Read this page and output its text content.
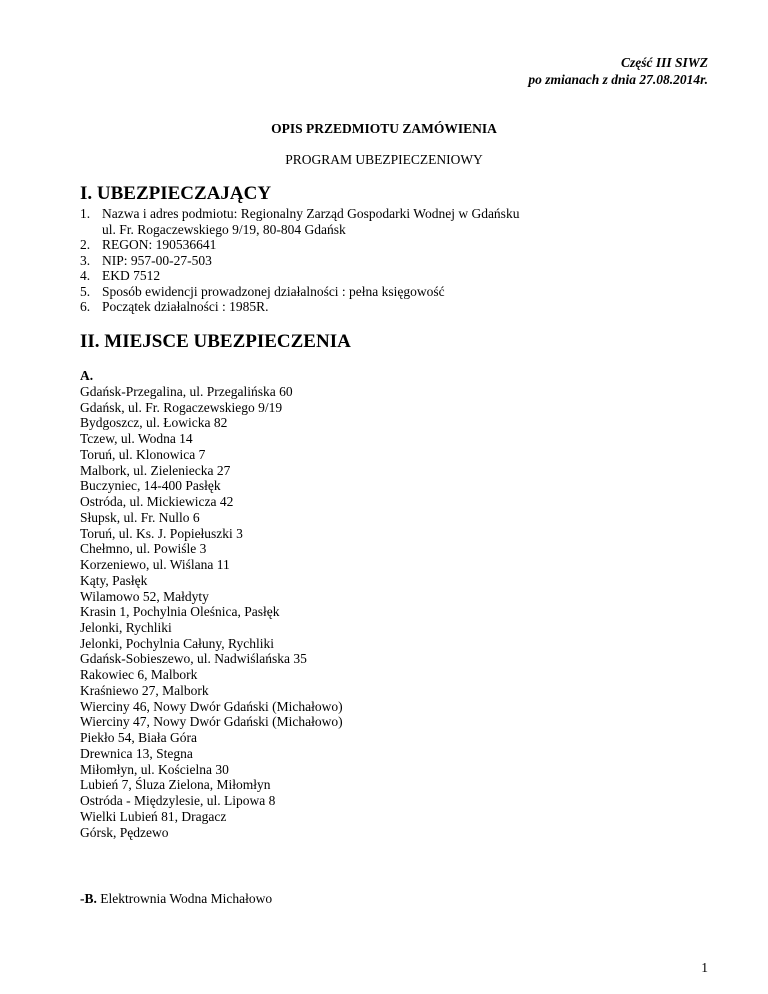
Część III SIWZ
po zmianach z dnia 27.08.2014r.
OPIS PRZEDMIOTU ZAMÓWIENIA
PROGRAM UBEZPIECZENIOWY
I. UBEZPIECZAJĄCY
1. Nazwa i adres podmiotu: Regionalny Zarząd Gospodarki Wodnej w Gdańsku
ul. Fr. Rogaczewskiego 9/19, 80-804 Gdańsk
2. REGON: 190536641
3. NIP: 957-00-27-503
4. EKD 7512
5. Sposób ewidencji prowadzonej działalności : pełna księgowość
6. Początek działalności : 1985R.
II. MIEJSCE UBEZPIECZENIA
A.
Gdańsk-Przegalina, ul. Przegalińska 60
Gdańsk, ul. Fr. Rogaczewskiego 9/19
Bydgoszcz, ul. Łowicka 82
Tczew, ul. Wodna 14
Toruń, ul. Klonowica 7
Malbork, ul. Zieleniecka 27
Buczyniec, 14-400 Pasłęk
Ostróda, ul. Mickiewicza 42
Słupsk, ul. Fr. Nullo 6
Toruń, ul. Ks. J. Popiełuszki 3
Chełmno, ul. Powiśle 3
Korzeniewo, ul. Wiślana 11
Kąty, Pasłęk
Wilamowo 52, Małdyty
Krasin 1, Pochylnia Oleśnica, Pasłęk
Jelonki, Rychliki
Jelonki, Pochylnia Całuny, Rychliki
Gdańsk-Sobieszewo, ul. Nadwiślańska 35
Rakowiec 6, Malbork
Kraśniewo 27, Malbork
Wierciny 46, Nowy Dwór Gdański (Michałowo)
Wierciny 47, Nowy Dwór Gdański (Michałowo)
Piekło 54, Biała Góra
Drewnica 13, Stegna
Miłomłyn, ul. Kościelna 30
Lubień 7, Śluza Zielona, Miłomłyn
Ostróda - Międzylesie, ul. Lipowa 8
Wielki Lubień 81, Dragacz
Górsk, Pędzewo
-B. Elektrownia Wodna Michałowo
1
